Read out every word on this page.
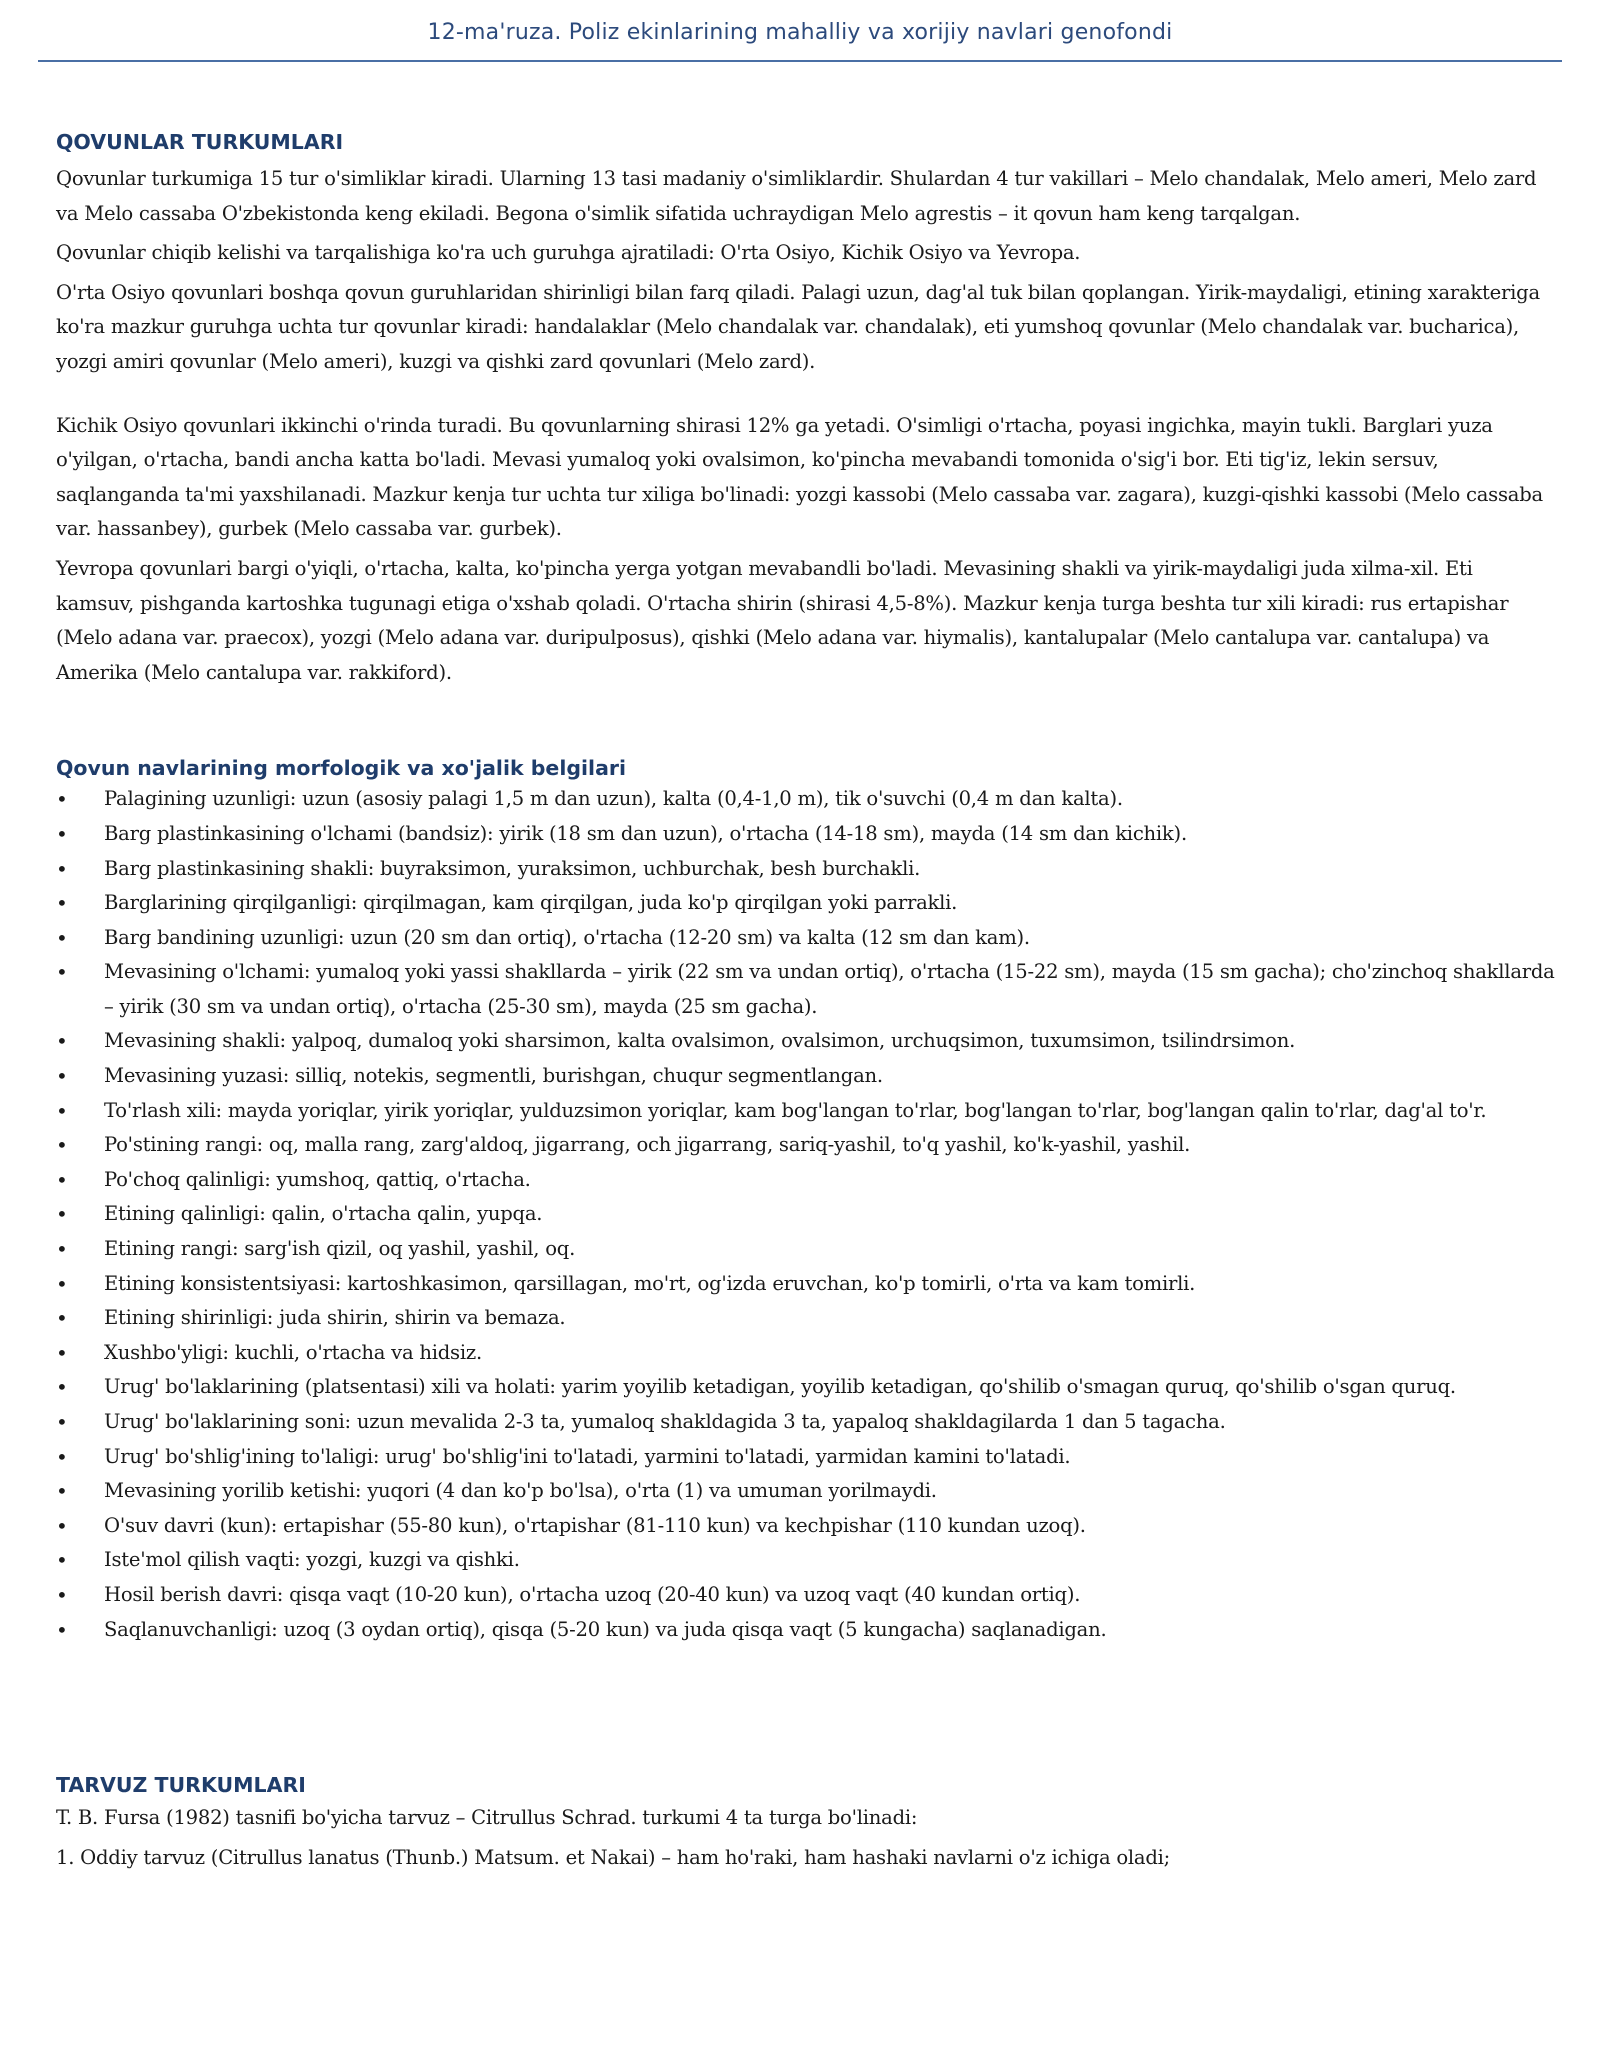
12-ma'ruza. Poliz ekinlarining mahalliy va xorijiy navlari genofondi
QOVUNLAR TURKUMLARI

Qovunlar turkumiga 15 tur o'simliklar kiradi. Ularning 13 tasi madaniy o'simliklardir. Shulardan 4 tur vakillari – Melo chandalak, Melo ameri, Melo zard va Melo cassaba O'zbekistonda keng ekiladi. Begona o'simlik sifatida uchraydigan Melo agrestis – it qovun ham keng tarqalgan.

Qovunlar chiqib kelishi va tarqalishiga ko'ra uch guruhga ajratiladi: O'rta Osiyo, Kichik Osiyo va Yevropa.

O'rta Osiyo qovunlari boshqa qovun guruhlaridan shirinligi bilan farq qiladi. Palagi uzun, dag'al tuk bilan qoplangan. Yirik-maydaligi, etining xarakteriga ko'ra mazkur guruhga uchta tur qovunlar kiradi: handalaklar (Melo chandalak var. chandalak), eti yumshoq qovunlar (Melo chandalak var. bucharica), yozgi amiri qovunlar (Melo ameri), kuzgi va qishki zard qovunlari (Melo zard).

Kichik Osiyo qovunlari ikkinchi o'rinda turadi. Bu qovunlarning shirasi 12% ga yetadi. O'simligi o'rtacha, poyasi ingichka, mayin tukli. Barglari yuza o'yilgan, o'rtacha, bandi ancha katta bo'ladi. Mevasi yumaloq yoki ovalsimon, ko'pincha mevabandi tomonida o'sig'i bor. Eti tig'iz, lekin sersuv, saqlanganda ta'mi yaxshilanadi. Mazkur kenja tur uchta tur xiliga bo'linadi: yozgi kassobi (Melo cassaba var. zagara), kuzgi-qishki kassobi (Melo cassaba var. hassanbey), gurbek (Melo cassaba var. gurbek).

Yevropa qovunlari bargi o'yiqli, o'rtacha, kalta, ko'pincha yerga yotgan mevabandli bo'ladi. Mevasining shakli va yirik-maydaligi juda xilma-xil. Eti kamsuv, pishganda kartoshka tugunagi etiga o'xshab qoladi. O'rtacha shirin (shirasi 4,5-8%). Mazkur kenja turga beshta tur xili kiradi: rus ertapishar (Melo adana var. praecox), yozgi (Melo adana var. duripulposus), qishki (Melo adana var. hiymalis), kantalupalar (Melo cantalupa var. cantalupa) va Amerika (Melo cantalupa var. rakkiford).

Qovun navlarining morfologik va xo'jalik belgilari
• Palagining uzunligi: uzun (asosiy palagi 1,5 m dan uzun), kalta (0,4-1,0 m), tik o'suvchi (0,4 m dan kalta).
• Barg plastinkasining o'lchami (bandsiz): yirik (18 sm dan uzun), o'rtacha (14-18 sm), mayda (14 sm dan kichik).
• Barg plastinkasining shakli: buyraksimon, yuraksimon, uchburchak, besh burchakli.
• Barglarining qirqilganligi: qirqilmagan, kam qirqilgan, juda ko'p qirqilgan yoki parrakli.
• Barg bandining uzunligi: uzun (20 sm dan ortiq), o'rtacha (12-20 sm) va kalta (12 sm dan kam).
• Mevasining o'lchami: yumaloq yoki yassi shakllarda – yirik (22 sm va undan ortiq), o'rtacha (15-22 sm), mayda (15 sm gacha); cho'zinchoq shakllarda – yirik (30 sm va undan ortiq), o'rtacha (25-30 sm), mayda (25 sm gacha).
• Mevasining shakli: yalpoq, dumaloq yoki sharsimon, kalta ovalsimon, ovalsimon, urchuqsimon, tuxumsimon, tsilindrsimon.
• Mevasining yuzasi: silliq, notekis, segmentli, burishgan, chuqur segmentlangan.
• To'rlash xili: mayda yoriqlar, yirik yoriqlar, yulduzsimon yoriqlar, kam bog'langan to'rlar, bog'langan to'rlar, bog'langan qalin to'rlar, dag'al to'r.
• Po'stining rangi: oq, malla rang, zarg'aldoq, jigarrang, och jigarrang, sariq-yashil, to'q yashil, ko'k-yashil, yashil.
• Po'choq qalinligi: yumshoq, qattiq, o'rtacha.
• Etining qalinligi: qalin, o'rtacha qalin, yupqa.
• Etining rangi: sarg'ish qizil, oq yashil, yashil, oq.
• Etining konsistentsiyasi: kartoshkasimon, qarsillagan, mo'rt, og'izda eruvchan, ko'p tomirli, o'rta va kam tomirli.
• Etining shirinligi: juda shirin, shirin va bemaza.
• Xushbo'yligi: kuchli, o'rtacha va hidsiz.
• Urug' bo'laklarining (platsentasi) xili va holati: yarim yoyilib ketadigan, yoyilib ketadigan, qo'shilib o'smagan quruq, qo'shilib o'sgan quruq.
• Urug' bo'laklarining soni: uzun mevalida 2-3 ta, yumaloq shakldagida 3 ta, yapaloq shakldagilarda 1 dan 5 tagacha.
• Urug' bo'shlig'ining to'laligi: urug' bo'shlig'ini to'latadi, yarmini to'latadi, yarmidan kamini to'latadi.
• Mevasining yorilib ketishi: yuqori (4 dan ko'p bo'lsa), o'rta (1) va umuman yorilmaydi.
• O'suv davri (kun): ertapishar (55-80 kun), o'rtapishar (81-110 kun) va kechpishar (110 kundan uzoq).
• Iste'mol qilish vaqti: yozgi, kuzgi va qishki.
• Hosil berish davri: qisqa vaqt (10-20 kun), o'rtacha uzoq (20-40 kun) va uzoq vaqt (40 kundan ortiq).
• Saqlanuvchanligi: uzoq (3 oydan ortiq), qisqa (5-20 kun) va juda qisqa vaqt (5 kungacha) saqlanadigan.
TARVUZ TURKUMLARI

T. B. Fursa (1982) tasnifi bo'yicha tarvuz – Citrullus Schrad. turkumi 4 ta turga bo'linadi:

1. Oddiy tarvuz (Citrullus lanatus (Thunb.) Matsum. et Nakai) – ham ho'raki, ham hashaki navlarni o'z ichiga oladi;
